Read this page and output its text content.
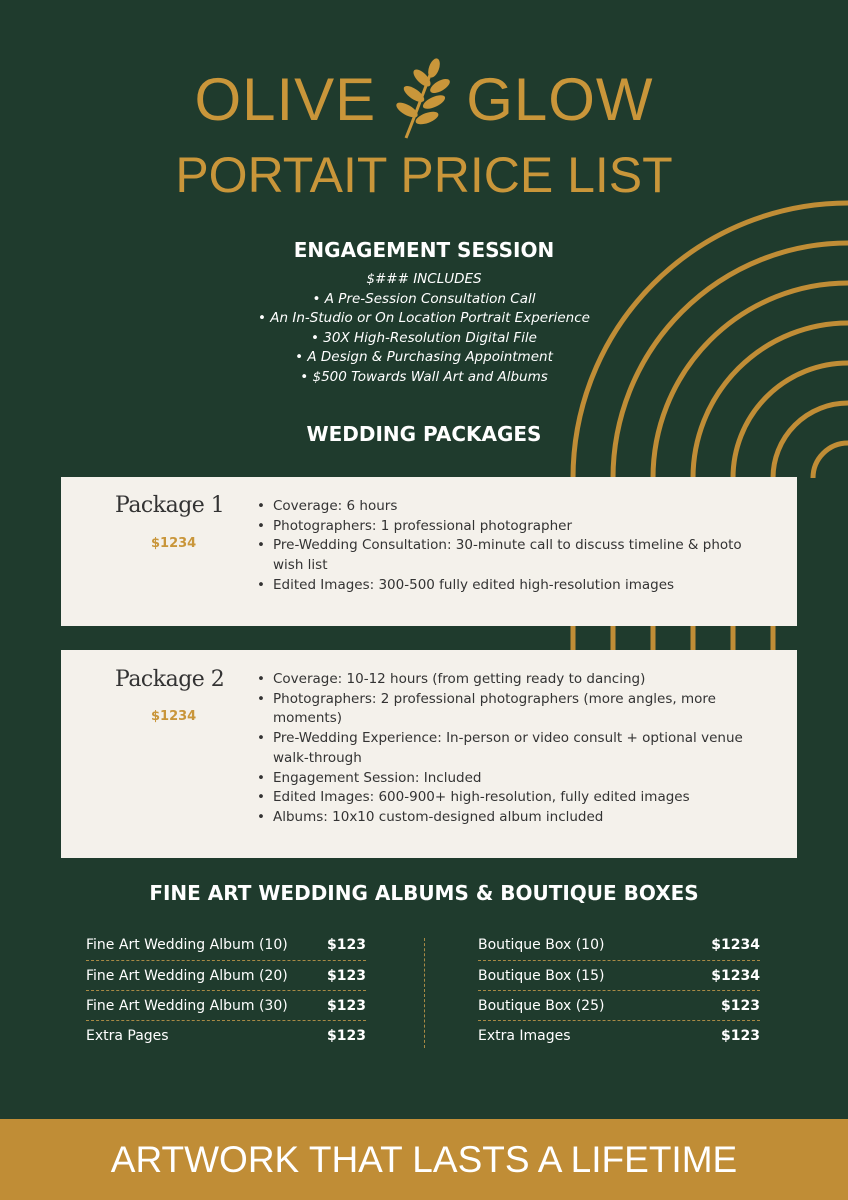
OLIVE GLOW
PORTAIT PRICE LIST
ENGAGEMENT SESSION
$### INCLUDES
• A Pre-Session Consultation Call
• An In-Studio or On Location Portrait Experience
• 30X High-Resolution Digital File
• A Design & Purchasing Appointment
• $500 Towards Wall Art and Albums
WEDDING PACKAGES
Package 1
$1234
• Coverage: 6 hours
• Photographers: 1 professional photographer
• Pre-Wedding Consultation: 30-minute call to discuss timeline & photo wish list
• Edited Images: 300-500 fully edited high-resolution images
Package 2
$1234
• Coverage: 10-12 hours (from getting ready to dancing)
• Photographers: 2 professional photographers (more angles, more moments)
• Pre-Wedding Experience: In-person or video consult + optional venue walk-through
• Engagement Session: Included
• Edited Images: 600-900+ high-resolution, fully edited images
• Albums: 10x10 custom-designed album included
FINE ART WEDDING ALBUMS & BOUTIQUE BOXES
Fine Art Wedding Album (10)	$123
Fine Art Wedding Album (20)	$123
Fine Art Wedding Album (30)	$123
Extra Pages	$123
Boutique Box (10)	$1234
Boutique Box (15)	$1234
Boutique Box (25)	$123
Extra Images	$123
ARTWORK THAT LASTS A LIFETIME
